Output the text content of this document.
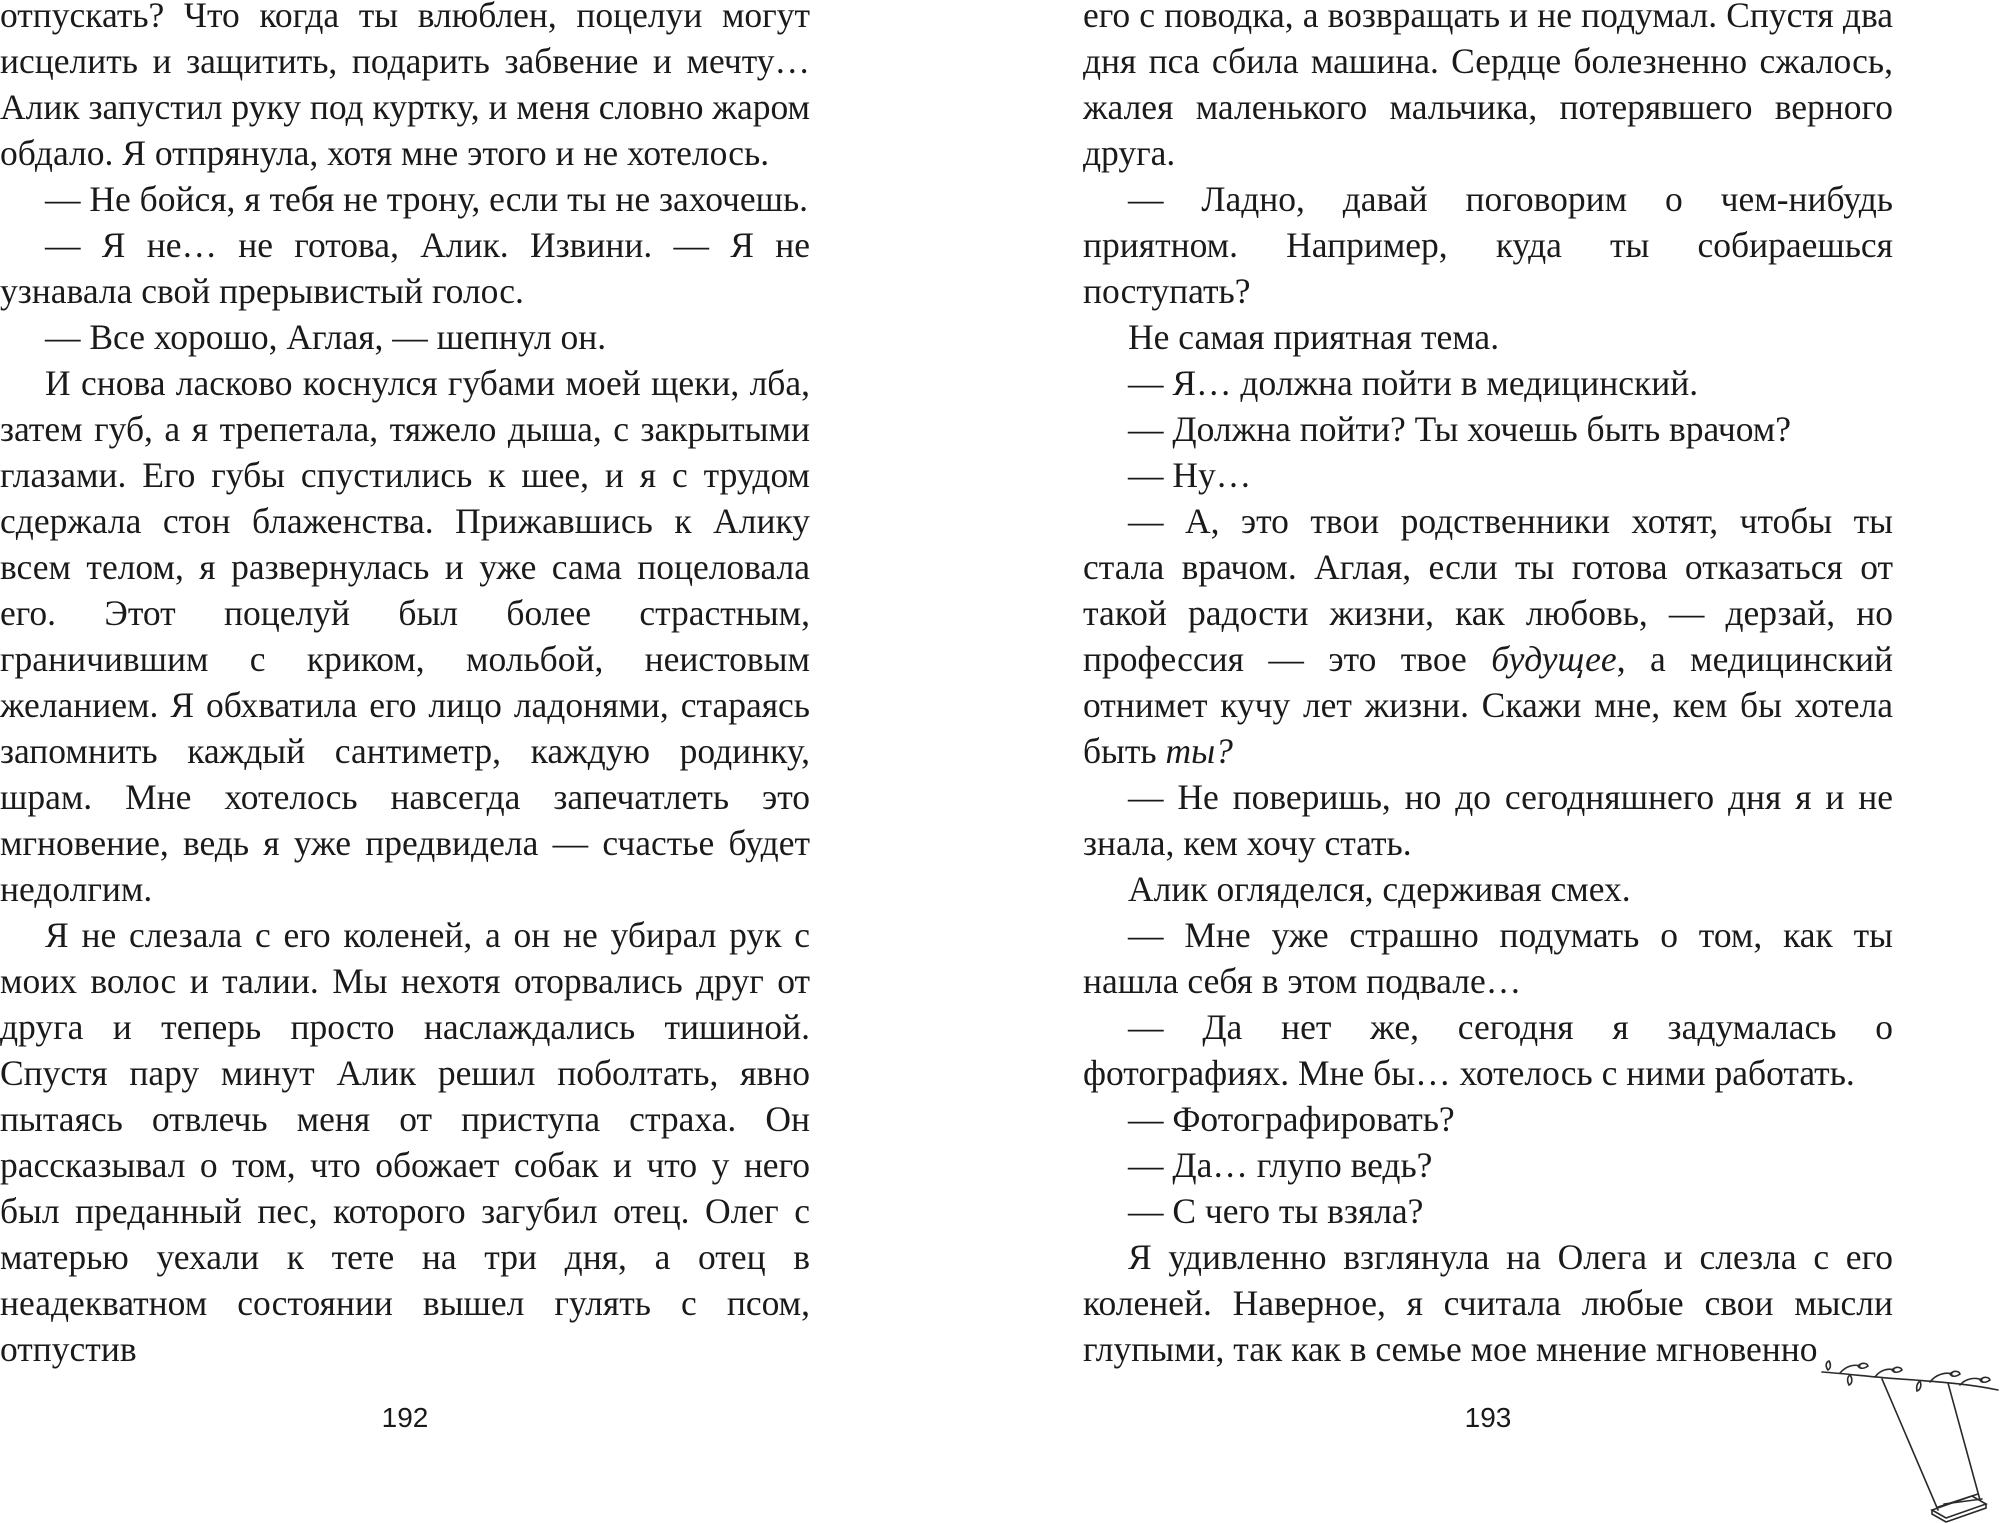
отпускать? Что когда ты влюблен, поцелуи могут исцелить и защитить, подарить забвение и мечту… Алик запустил руку под куртку, и меня словно жаром обдало. Я отпрянула, хотя мне этого и не хотелось.

— Не бойся, я тебя не трону, если ты не захочешь.

— Я не… не готова, Алик. Извини. — Я не узнавала свой прерывистый голос.

— Все хорошо, Аглая, — шепнул он.

И снова ласково коснулся губами моей щеки, лба, затем губ, а я трепетала, тяжело дыша, с закрытыми глазами. Его губы спустились к шее, и я с трудом сдержала стон блаженства. Прижавшись к Алику всем телом, я развернулась и уже сама поцеловала его. Этот поцелуй был более страстным, граничившим с криком, мольбой, неистовым желанием. Я обхватила его лицо ладонями, стараясь запомнить каждый сантиметр, каждую родинку, шрам. Мне хотелось навсегда запечатлеть это мгновение, ведь я уже предвидела — счастье будет недолгим.

Я не слезала с его коленей, а он не убирал рук с моих волос и талии. Мы нехотя оторвались друг от друга и теперь просто наслаждались тишиной. Спустя пару минут Алик решил поболтать, явно пытаясь отвлечь меня от приступа страха. Он рассказывал о том, что обожает собак и что у него был преданный пес, которого загубил отец. Олег с матерью уехали к тете на три дня, а отец в неадекватном состоянии вышел гулять с псом, отпустив

192

его с поводка, а возвращать и не подумал. Спустя два дня пса сбила машина. Сердце болезненно сжалось, жалея маленького мальчика, потерявшего верного друга.

— Ладно, давай поговорим о чем-нибудь приятном. Например, куда ты собираешься поступать?

Не самая приятная тема.

— Я… должна пойти в медицинский.

— Должна пойти? Ты хочешь быть врачом?

— Ну…

— А, это твои родственники хотят, чтобы ты стала врачом. Аглая, если ты готова отказаться от такой радости жизни, как любовь, — дерзай, но профессия — это твое будущее, а медицинский отнимет кучу лет жизни. Скажи мне, кем бы хотела быть ты?

— Не поверишь, но до сегодняшнего дня я и не знала, кем хочу стать.

Алик огляделся, сдерживая смех.

— Мне уже страшно подумать о том, как ты нашла себя в этом подвале…

— Да нет же, сегодня я задумалась о фотографиях. Мне бы… хотелось с ними работать.

— Фотографировать?

— Да… глупо ведь?

— С чего ты взяла?

Я удивленно взглянула на Олега и слезла с его коленей. Наверное, я считала любые свои мысли глупыми, так как в семье мое мнение мгновенно

193
